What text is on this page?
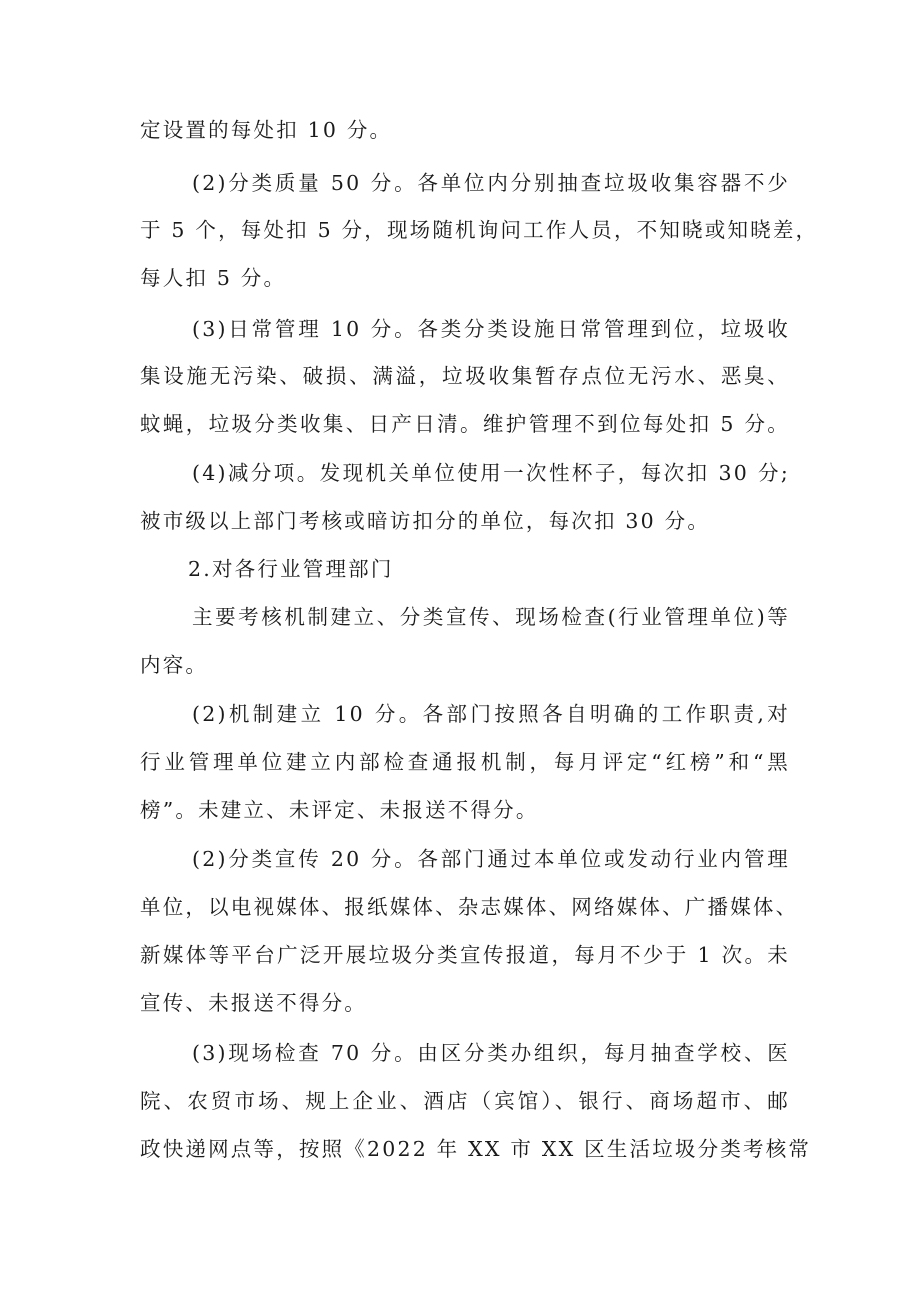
定设置的每处扣 10 分。
(2)分类质量 50 分。各单位内分别抽查垃圾收集容器不少
于 5 个，每处扣 5 分，现场随机询问工作人员，不知晓或知晓差，
每人扣 5 分。
(3)日常管理 10 分。各类分类设施日常管理到位，垃圾收
集设施无污染、破损、满溢，垃圾收集暂存点位无污水、恶臭、
蚊蝇，垃圾分类收集、日产日清。维护管理不到位每处扣 5 分。
(4)减分项。发现机关单位使用一次性杯子，每次扣 30 分;
被市级以上部门考核或暗访扣分的单位，每次扣 30 分。
2.对各行业管理部门
主要考核机制建立、分类宣传、现场检查(行业管理单位)等
内容。
(2)机制建立 10 分。各部门按照各自明确的工作职责,对
行业管理单位建立内部检查通报机制，每月评定“红榜”和“黑
榜”。未建立、未评定、未报送不得分。
(2)分类宣传 20 分。各部门通过本单位或发动行业内管理
单位，以电视媒体、报纸媒体、杂志媒体、网络媒体、广播媒体、
新媒体等平台广泛开展垃圾分类宣传报道，每月不少于 1 次。未
宣传、未报送不得分。
(3)现场检查 70 分。由区分类办组织，每月抽查学校、医
院、农贸市场、规上企业、酒店（宾馆）、银行、商场超市、邮
政快递网点等，按照《2022 年 XX 市 XX 区生活垃圾分类考核常
